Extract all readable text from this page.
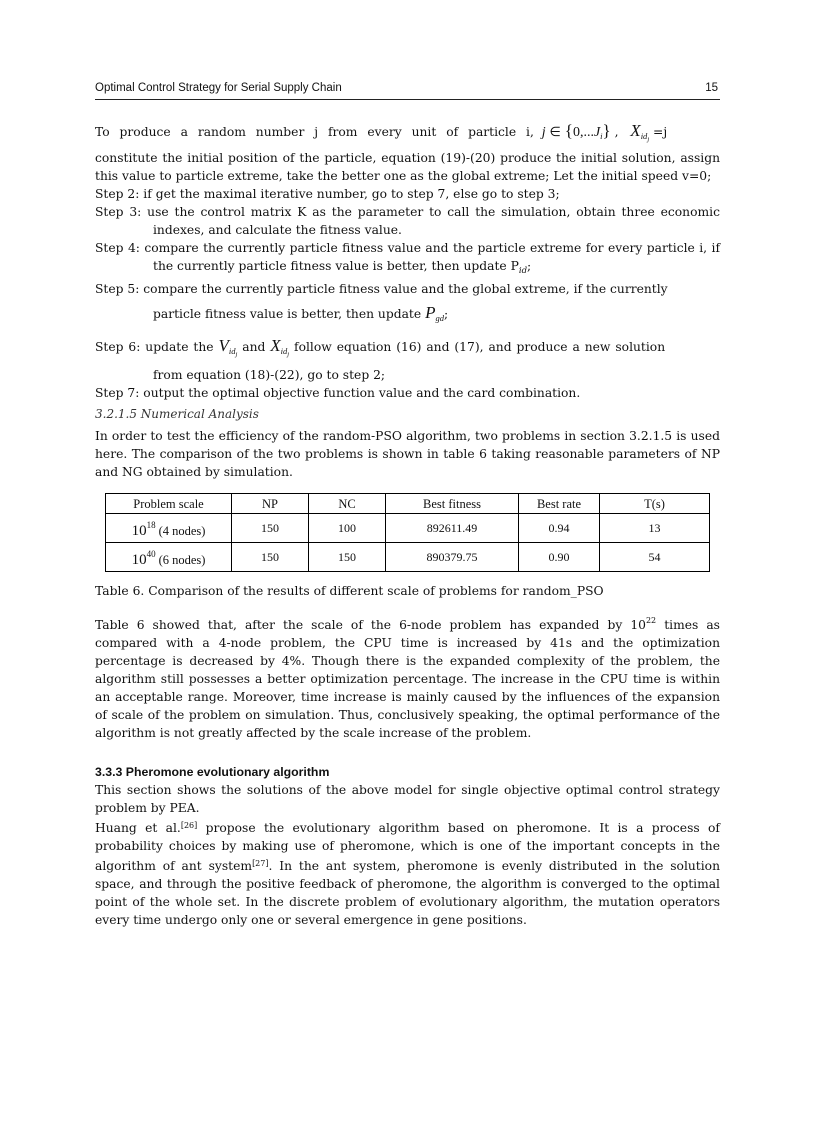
Optimal Control Strategy for Serial Supply Chain	15

To produce a random number j from every unit of particle i, j ∈ $\{0,...J_i\}$ ,   $X_{id_j} =j$

constitute the initial position of the particle, equation (19)-(20) produce the initial solution, assign this value to particle extreme, take the better one as the global extreme; Let the initial speed v=0;

Step 2: if get the maximal iterative number, go to step 7, else go to step 3;

Step 3: use the control matrix K as the parameter to call the simulation, obtain three economic indexes, and calculate the fitness value.

Step 4: compare the currently particle fitness value and the particle extreme for every particle i, if the currently particle fitness value is better, then update $P_{id}$;

Step 5: compare the currently particle fitness value and the global extreme, if the currently

particle fitness value is better, then update $P_{gd}$;

Step 6: update the $V_{id_j}$ and $X_{id_j}$ follow equation (16) and (17), and produce a new solution

from equation (18)-(22), go to step 2;

Step 7: output the optimal objective function value and the card combination.

3.2.1.5 Numerical Analysis

In order to test the efficiency of the random-PSO algorithm, two problems in section 3.2.1.5 is used here. The comparison of the two problems is shown in table 6 taking reasonable parameters of NP and NG obtained by simulation.

Problem scale	NP	NC	Best fitness	Best rate	T(s)
$10^{18}$ (4 nodes)	150	100	892611.49	0.94	13
$10^{40}$ (6 nodes)	150	150	890379.75	0.90	54

Table 6. Comparison of the results of different scale of problems for random_PSO

Table 6 showed that, after the scale of the 6-node problem has expanded by $10^{22}$ times as compared with a 4-node problem, the CPU time is increased by 41s and the optimization percentage is decreased by 4%. Though there is the expanded complexity of the problem, the algorithm still possesses a better optimization percentage. The increase in the CPU time is within an acceptable range. Moreover, time increase is mainly caused by the influences of the expansion of scale of the problem on simulation. Thus, conclusively speaking, the optimal performance of the algorithm is not greatly affected by the scale increase of the problem.

3.3.3 Pheromone evolutionary algorithm

This section shows the solutions of the above model for single objective optimal control strategy problem by PEA.

Huang et al.[26] propose the evolutionary algorithm based on pheromone. It is a process of probability choices by making use of pheromone, which is one of the important concepts in the algorithm of ant system[27]. In the ant system, pheromone is evenly distributed in the solution space, and through the positive feedback of pheromone, the algorithm is converged to the optimal point of the whole set. In the discrete problem of evolutionary algorithm, the mutation operators every time undergo only one or several emergence in gene positions.
